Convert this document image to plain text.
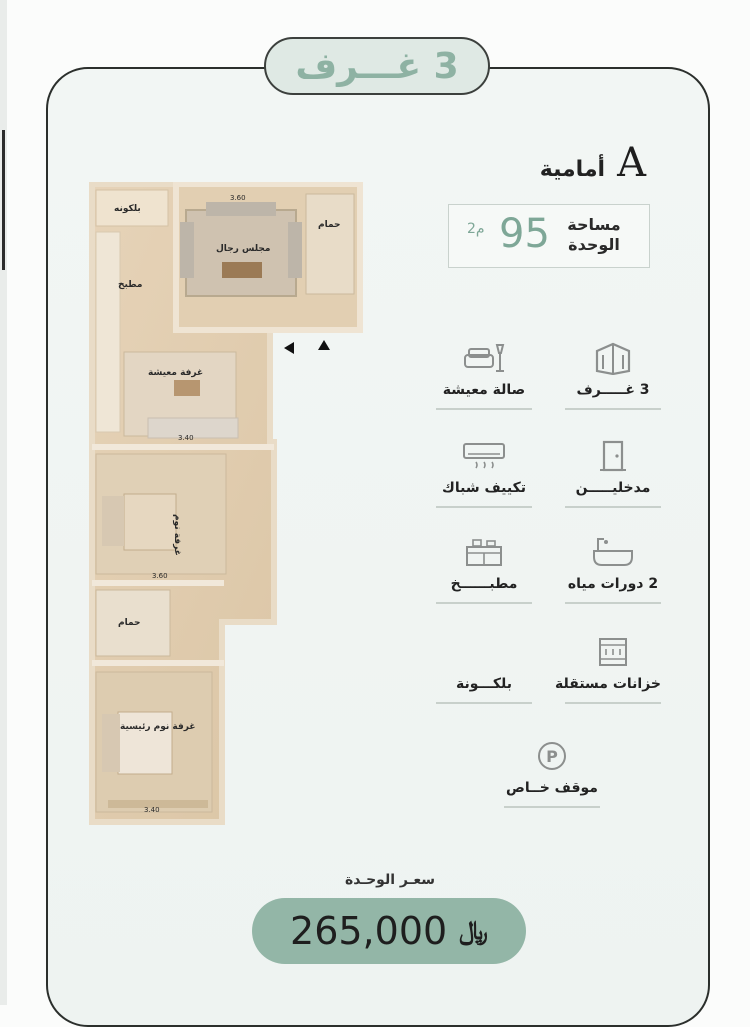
3 غـــرف
أمامية A
مساحة الوحدة
95
م2
بلكونه
حمام
مجلس رجال
مطبخ
غرفة معيشة
غرفة نوم
حمام
غرفة نوم رئيسية
3.60
3.40
3.60
3.40
3 غـــــرف
صالة معيشة
مدخليـــــن
تكييف شباك
2 دورات مياه
مطبــــــخ
خزانات مستقلة
بلكـــونة
P
موقف خــاص
سعـر الوحـدة
265,000 ﷼
